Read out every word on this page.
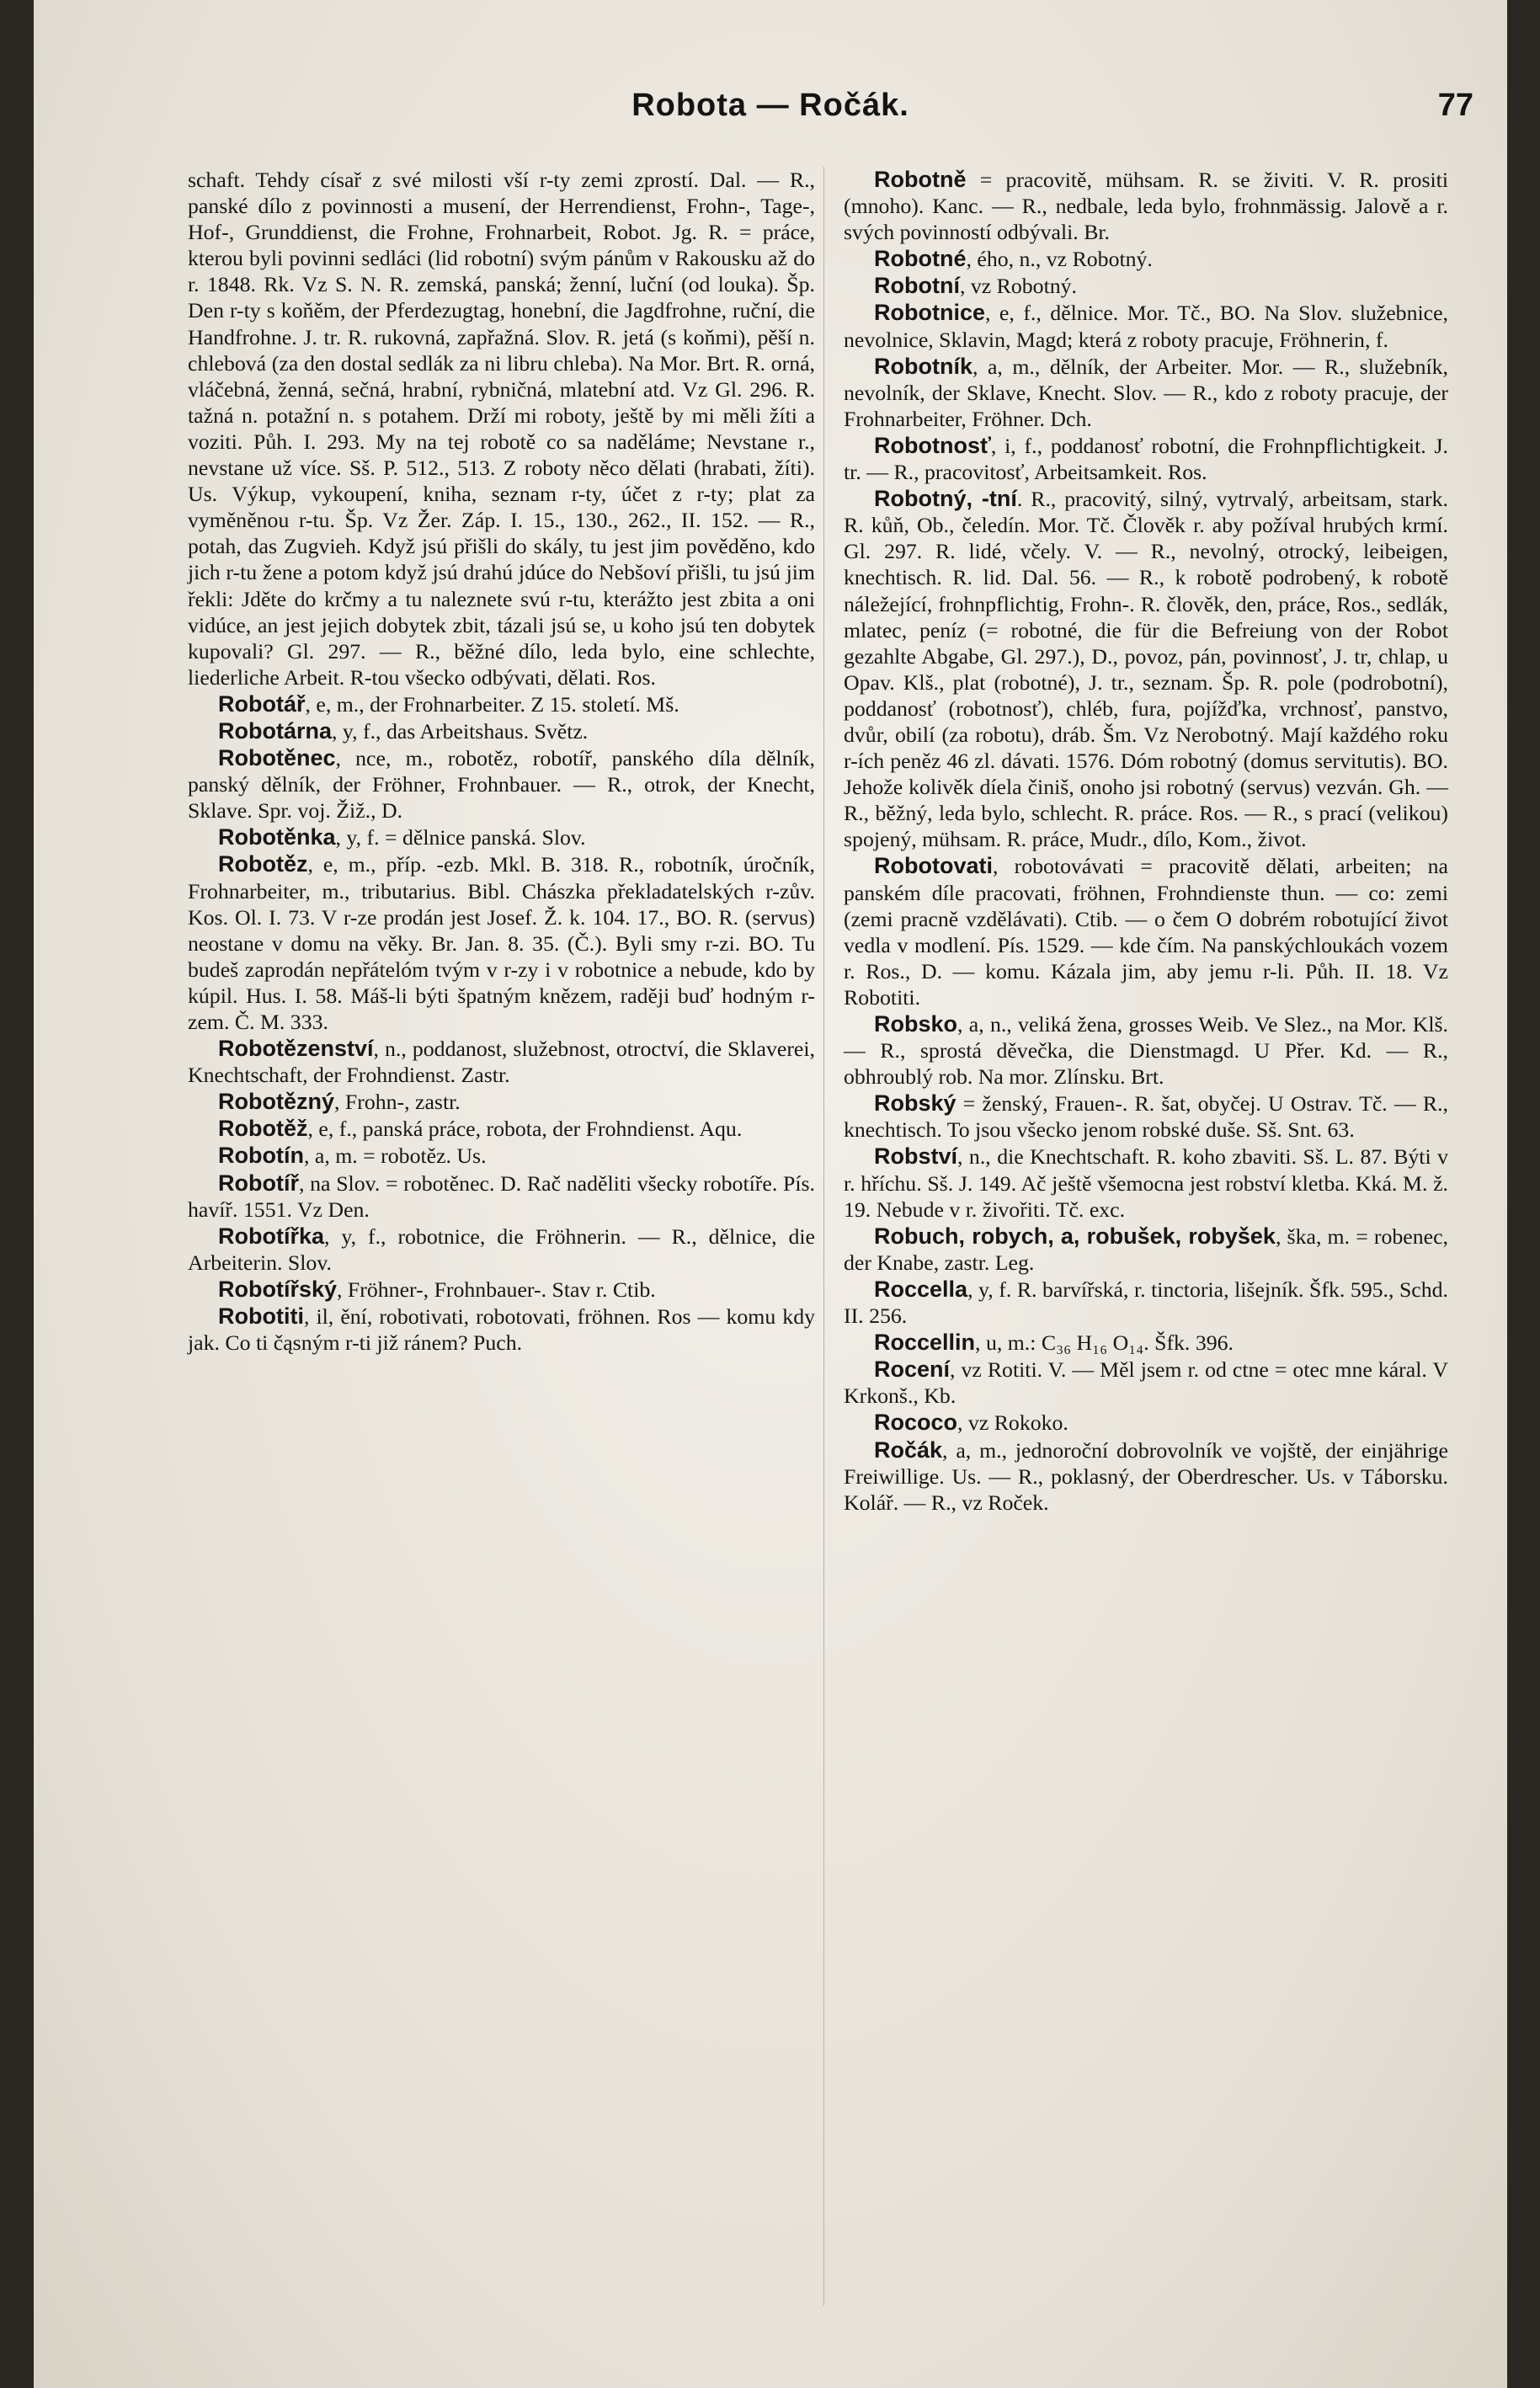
Robota — Ročák.	77

schaft. Tehdy císař z své milosti vší r-ty zemi zprostí. Dal. — R., panské dílo z povinnosti a musení, der Herrendienst, Frohn-, Tage-, Hof-, Grunddienst, die Frohne, Frohnarbeit, Robot. Jg. R. = práce, kterou byli povinni sedláci (lid robotní) svým pánům v Rakousku až do r. 1848. Rk. Vz S. N. R. zemská, panská; ženní, luční (od louka). Šp. Den r-ty s koňěm, der Pferdezugtag, honební, die Jagdfrohne, ruční, die Handfrohne. J. tr. R. rukovná, zapřažná. Slov. R. jetá (s koňmi), pěší n. chlebová (za den dostal sedlák za ni libru chleba). Na Mor. Brt. R. orná, vláčebná, ženná, sečná, hrabní, rybničná, mlatební atd. Vz Gl. 296. R. tažná n. potažní n. s potahem. Drží mi roboty, ještě by mi měli žíti a voziti. Půh. I. 293. My na tej robotě co sa naděláme; Nevstane r., nevstane už více. Sš. P. 512., 513. Z roboty něco dělati (hrabati, žíti). Us. Výkup, vykoupení, kniha, seznam r-ty, účet z r-ty; plat za vyměněnou r-tu. Šp. Vz Žer. Záp. I. 15., 130., 262., II. 152. — R., potah, das Zugvieh. Když jsú přišli do skály, tu jest jim pověděno, kdo jich r-tu žene a potom když jsú drahú jdúce do Nebšoví přišli, tu jsú jim řekli: Jděte do krčmy a tu naleznete svú r-tu, kterážto jest zbita a oni vidúce, an jest jejich dobytek zbit, tázali jsú se, u koho jsú ten dobytek kupovali? Gl. 297. — R., běžné dílo, leda bylo, eine schlechte, liederliche Arbeit. R-tou všecko odbývati, dělati. Ros.

Robotář, e, m., der Frohnarbeiter. Z 15. století. Mš.

Robotárna, y, f., das Arbeitshaus. Světz.

Robotěnec, nce, m., robotěz, robotíř, panského díla dělník, panský dělník, der Fröhner, Frohnbauer. — R., otrok, der Knecht, Sklave. Spr. voj. Žiž., D.

Robotěnka, y, f. = dělnice panská. Slov.

Robotěz, e, m., příp. -ezb. Mkl. B. 318. R., robotník, úročník, Frohnarbeiter, m., tributarius. Bibl. Chászka překladatelských r-zův. Kos. Ol. I. 73. V r-ze prodán jest Josef. Ž. k. 104. 17., BO. R. (servus) neostane v domu na věky. Br. Jan. 8. 35. (Č.). Byli smy r-zi. BO. Tu budeš zaprodán nepřátelóm tvým v r-zy i v robotnice a nebude, kdo by kúpil. Hus. I. 58. Máš-li býti špatným knězem, raději buď hodným r-zem. Č. M. 333.

Robotězenství, n., poddanost, služebnost, otroctví, die Sklaverei, Knechtschaft, der Frohndienst. Zastr.

Robotězný, Frohn-, zastr.

Robotěž, e, f., panská práce, robota, der Frohndienst. Aqu.

Robotín, a, m. = robotěz. Us.

Robotíř, na Slov. = robotěnec. D. Rač naděliti všecky robotíře. Pís. havíř. 1551. Vz Den.

Robotířka, y, f., robotnice, die Fröhnerin. — R., dělnice, die Arbeiterin. Slov.

Robotířský, Fröhner-, Frohnbauer-. Stav r. Ctib.

Robotiti, il, ění, robotivati, robotovati, fröhnen. Ros — komu kdy jak. Co ti čąsným r-ti již ránem? Puch.

Robotně = pracovitě, mühsam. R. se živiti. V. R. prositi (mnoho). Kanc. — R., nedbale, leda bylo, frohnmässig. Jalově a r. svých povinností odbývali. Br.

Robotné, ého, n., vz Robotný.

Robotní, vz Robotný.

Robotnice, e, f., dělnice. Mor. Tč., BO. Na Slov. služebnice, nevolnice, Sklavin, Magd; která z roboty pracuje, Fröhnerin, f.

Robotník, a, m., dělník, der Arbeiter. Mor. — R., služebník, nevolník, der Sklave, Knecht. Slov. — R., kdo z roboty pracuje, der Frohnarbeiter, Fröhner. Dch.

Robotnosť, i, f., poddanosť robotní, die Frohnpflichtigkeit. J. tr. — R., pracovitosť, Arbeitsamkeit. Ros.

Robotný, -tní. R., pracovitý, silný, vytrvalý, arbeitsam, stark. R. kůň, Ob., čeledín. Mor. Tč. Člověk r. aby požíval hrubých krmí. Gl. 297. R. lidé, včely. V. — R., nevolný, otrocký, leibeigen, knechtisch. R. lid. Dal. 56. — R., k robotě podrobený, k robotě náležející, frohnpflichtig, Frohn-. R. člověk, den, práce, Ros., sedlák, mlatec, peníz (= robotné, die für die Befreiung von der Robot gezahlte Abgabe, Gl. 297.), D., povoz, pán, povinnosť, J. tr, chlap, u Opav. Klš., plat (robotné), J. tr., seznam. Šp. R. pole (podrobotní), poddanosť (robotnosť), chléb, fura, pojížďka, vrchnosť, panstvo, dvůr, obilí (za robotu), dráb. Šm. Vz Nerobotný. Mají každého roku r-ích peněz 46 zl. dávati. 1576. Dóm robotný (domus servitutis). BO. Jehože kolivěk díela činiš, onoho jsi robotný (servus) vezván. Gh. — R., běžný, leda bylo, schlecht. R. práce. Ros. — R., s prací (velikou) spojený, mühsam. R. práce, Mudr., dílo, Kom., život.

Robotovati, robotovávati = pracovitě dělati, arbeiten; na panském díle pracovati, fröhnen, Frohndienste thun. — co: zemi (zemi pracně vzdělávati). Ctib. — o čem O dobrém robotující život vedla v modlení. Pís. 1529. — kde čím. Na panskýchloukách vozem r. Ros., D. — komu. Kázala jim, aby jemu r-li. Půh. II. 18. Vz Robotiti.

Robsko, a, n., veliká žena, grosses Weib. Ve Slez., na Mor. Klš. — R., sprostá děvečka, die Dienstmagd. U Přer. Kd. — R., obhroublý rob. Na mor. Zlínsku. Brt.

Robský = ženský, Frauen-. R. šat, obyčej. U Ostrav. Tč. — R., knechtisch. To jsou všecko jenom robské duše. Sš. Snt. 63.

Robství, n., die Knechtschaft. R. koho zbaviti. Sš. L. 87. Býti v r. hříchu. Sš. J. 149. Ač ještě všemocna jest robství kletba. Kká. M. ž. 19. Nebude v r. živořiti. Tč. exc.

Robuch, robych, a, robušek, robyšek, ška, m. = robenec, der Knabe, zastr. Leg.

Roccella, y, f. R. barvířská, r. tinctoria, lišejník. Šfk. 595., Schd. II. 256.

Roccellin, u, m.: C₃₆ H₁₆ O₁₄. Šfk. 396.

Rocení, vz Rotiti. V. — Měl jsem r. od ctne = otec mne káral. V Krkonš., Kb.

Rococo, vz Rokoko.

Ročák, a, m., jednoroční dobrovolník ve vojště, der einjährige Freiwillige. Us. — R., poklasný, der Oberdrescher. Us. v Táborsku. Kolář. — R., vz Roček.
